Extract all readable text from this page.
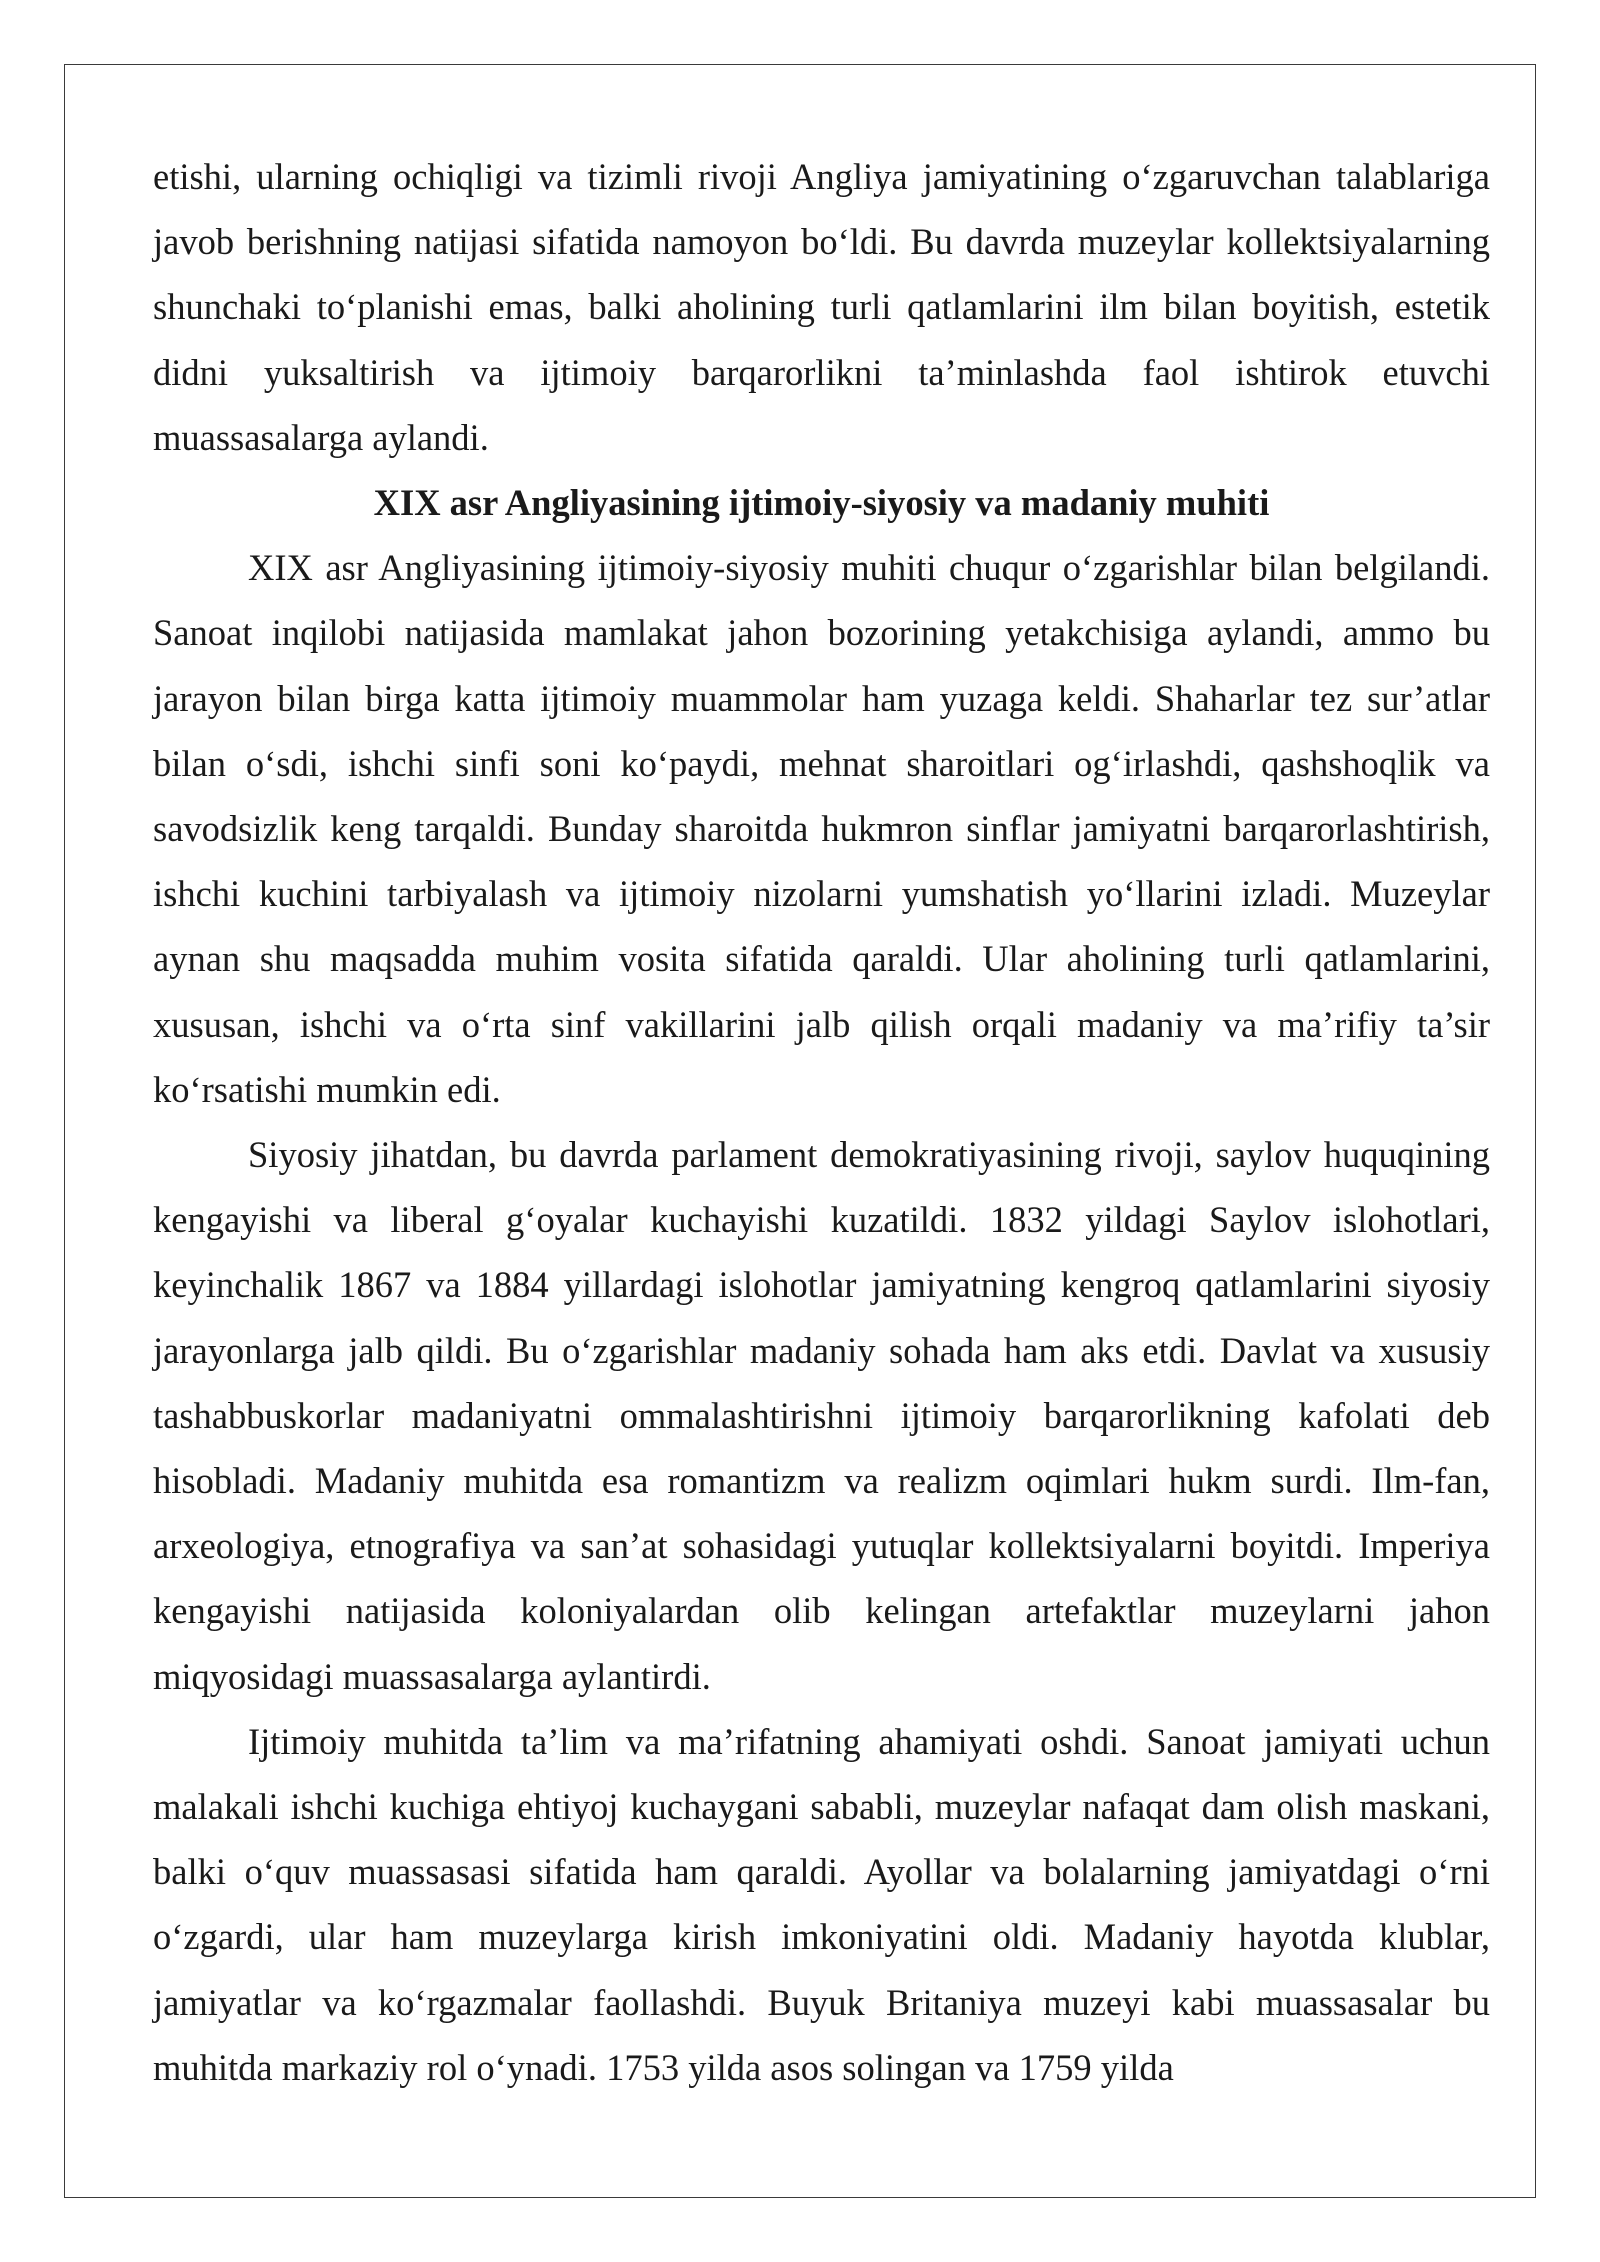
etishi, ularning ochiqligi va tizimli rivoji Angliya jamiyatining o‘zgaruvchan talablariga javob berishning natijasi sifatida namoyon bo‘ldi. Bu davrda muzeylar kollektsiyalarning shunchaki to‘planishi emas, balki aholining turli qatlamlarini ilm bilan boyitish, estetik didni yuksaltirish va ijtimoiy barqarorlikni ta’minlashda faol ishtirok etuvchi muassasalarga aylandi.

XIX asr Angliyasining ijtimoiy-siyosiy va madaniy muhiti

XIX asr Angliyasining ijtimoiy-siyosiy muhiti chuqur o‘zgarishlar bilan belgilandi. Sanoat inqilobi natijasida mamlakat jahon bozorining yetakchisiga aylandi, ammo bu jarayon bilan birga katta ijtimoiy muammolar ham yuzaga keldi. Shaharlar tez sur’atlar bilan o‘sdi, ishchi sinfi soni ko‘paydi, mehnat sharoitlari og‘irlashdi, qashshoqlik va savodsizlik keng tarqaldi. Bunday sharoitda hukmron sinflar jamiyatni barqarorlashtirish, ishchi kuchini tarbiyalash va ijtimoiy nizolarni yumshatish yo‘llarini izladi. Muzeylar aynan shu maqsadda muhim vosita sifatida qaraldi. Ular aholining turli qatlamlarini, xususan, ishchi va o‘rta sinf vakillarini jalb qilish orqali madaniy va ma’rifiy ta’sir ko‘rsatishi mumkin edi.

Siyosiy jihatdan, bu davrda parlament demokratiyasining rivoji, saylov huquqining kengayishi va liberal g‘oyalar kuchayishi kuzatildi. 1832 yildagi Saylov islohotlari, keyinchalik 1867 va 1884 yillardagi islohotlar jamiyatning kengroq qatlamlarini siyosiy jarayonlarga jalb qildi. Bu o‘zgarishlar madaniy sohada ham aks etdi. Davlat va xususiy tashabbuskorlar madaniyatni ommalashtirishni ijtimoiy barqarorlikning kafolati deb hisobladi. Madaniy muhitda esa romantizm va realizm oqimlari hukm surdi. Ilm-fan, arxeologiya, etnografiya va san’at sohasidagi yutuqlar kollektsiyalarni boyitdi. Imperiya kengayishi natijasida koloniyalardan olib kelingan artefaktlar muzeylarni jahon miqyosidagi muassasalarga aylantirdi.

Ijtimoiy muhitda ta’lim va ma’rifatning ahamiyati oshdi. Sanoat jamiyati uchun malakali ishchi kuchiga ehtiyoj kuchaygani sababli, muzeylar nafaqat dam olish maskani, balki o‘quv muassasasi sifatida ham qaraldi. Ayollar va bolalarning jamiyatdagi o‘rni o‘zgardi, ular ham muzeylarga kirish imkoniyatini oldi. Madaniy hayotda klublar, jamiyatlar va ko‘rgazmalar faollashdi. Buyuk Britaniya muzeyi kabi muassasalar bu muhitda markaziy rol o‘ynadi. 1753 yilda asos solingan va 1759 yilda
